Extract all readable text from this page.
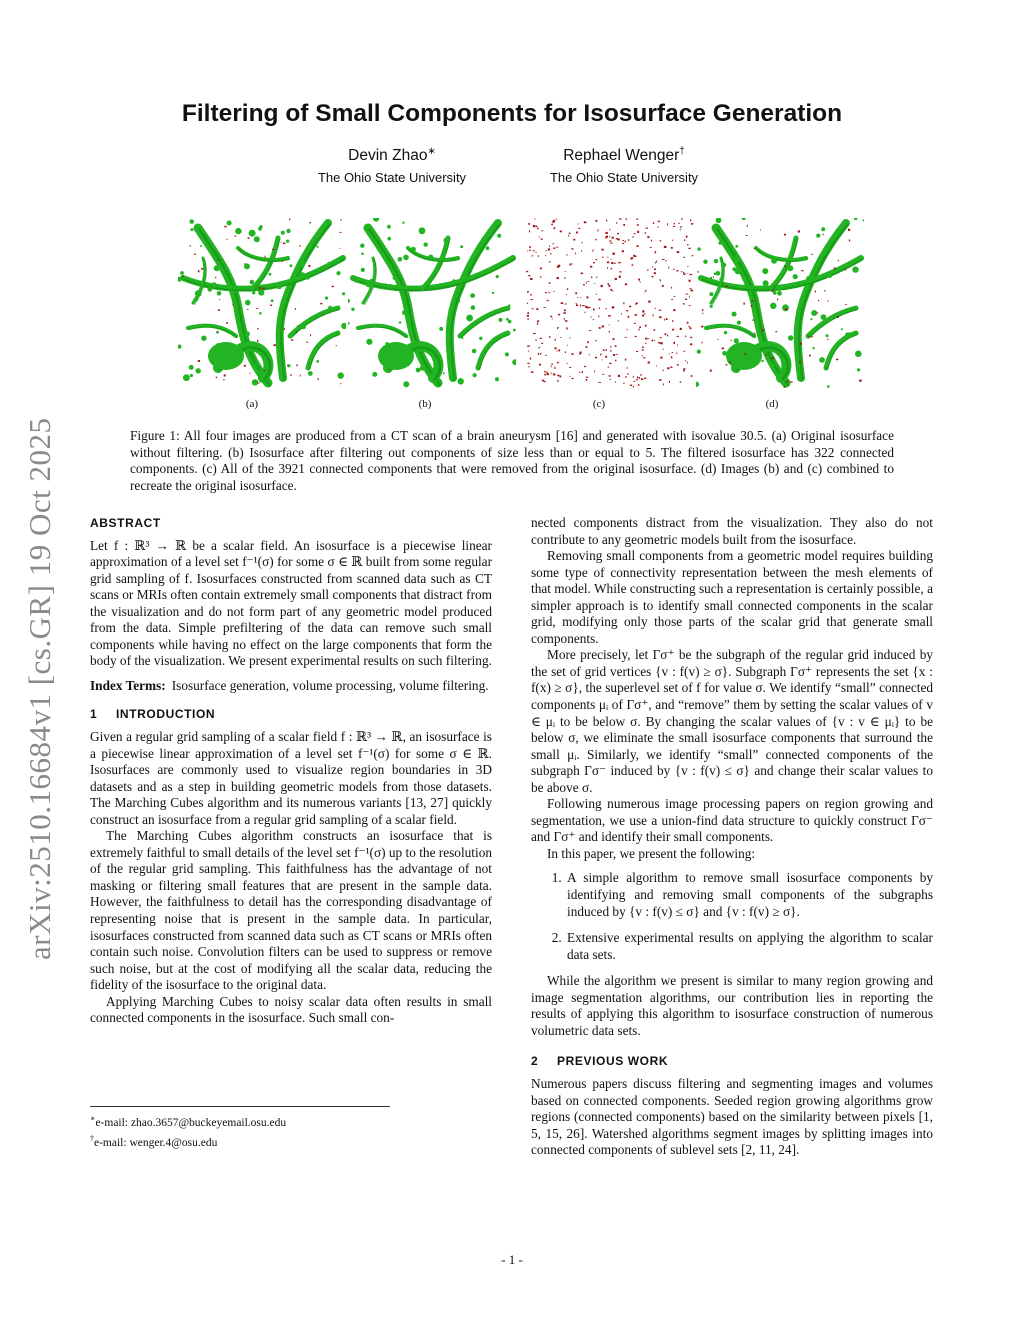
arXiv:2510.16684v1 [cs.GR] 19 Oct 2025
Filtering of Small Components for Isosurface Generation
Devin Zhao∗
The Ohio State University
Rephael Wenger†
The Ohio State University
(a)	(b)	(c)	(d)
Figure 1: All four images are produced from a CT scan of a brain aneurysm [16] and generated with isovalue 30.5. (a) Original isosurface without filtering. (b) Isosurface after filtering out components of size less than or equal to 5. The filtered isosurface has 322 connected components. (c) All of the 3921 connected components that were removed from the original isosurface. (d) Images (b) and (c) combined to recreate the original isosurface.
ABSTRACT

Let f : ℝ³ → ℝ be a scalar field. An isosurface is a piecewise linear approximation of a level set f⁻¹(σ) for some σ ∈ ℝ built from some regular grid sampling of f. Isosurfaces constructed from scanned data such as CT scans or MRIs often contain extremely small components that distract from the visualization and do not form part of any geometric model produced from the data. Simple prefiltering of the data can remove such small components while having no effect on the large components that form the body of the visualization. We present experimental results on such filtering.

Index Terms: Isosurface generation, volume processing, volume filtering.

1 INTRODUCTION

Given a regular grid sampling of a scalar field f : ℝ³ → ℝ, an isosurface is a piecewise linear approximation of a level set f⁻¹(σ) for some σ ∈ ℝ. Isosurfaces are commonly used to visualize region boundaries in 3D datasets and as a step in building geometric models from those datasets. The Marching Cubes algorithm and its numerous variants [13, 27] quickly construct an isosurface from a regular grid sampling of a scalar field.

The Marching Cubes algorithm constructs an isosurface that is extremely faithful to small details of the level set f⁻¹(σ) up to the resolution of the regular grid sampling. This faithfulness has the advantage of not masking or filtering small features that are present in the sample data. However, the faithfulness to detail has the corresponding disadvantage of representing noise that is present in the sample data. In particular, isosurfaces constructed from scanned data such as CT scans or MRIs often contain such noise. Convolution filters can be used to suppress or remove such noise, but at the cost of modifying all the scalar data, reducing the fidelity of the isosurface to the original data.

Applying Marching Cubes to noisy scalar data often results in small connected components in the isosurface. Such small con-

∗e-mail: zhao.3657@buckeyemail.osu.edu
†e-mail: wenger.4@osu.edu

nected components distract from the visualization. They also do not contribute to any geometric models built from the isosurface.

Removing small components from a geometric model requires building some type of connectivity representation between the mesh elements of that model. While constructing such a representation is certainly possible, a simpler approach is to identify small connected components in the scalar grid, modifying only those parts of the scalar grid that generate small components.

More precisely, let Γσ⁺ be the subgraph of the regular grid induced by the set of grid vertices {v : f(v) ≥ σ}. Subgraph Γσ⁺ represents the set {x : f(x) ≥ σ}, the superlevel set of f for value σ. We identify “small” connected components μᵢ of Γσ⁺, and “remove” them by setting the scalar values of v ∈ μᵢ to be below σ. By changing the scalar values of {v : v ∈ μᵢ} to be below σ, we eliminate the small isosurface components that surround the small μᵢ. Similarly, we identify “small” connected components of the subgraph Γσ⁻ induced by {v : f(v) ≤ σ} and change their scalar values to be above σ.

Following numerous image processing papers on region growing and segmentation, we use a union-find data structure to quickly construct Γσ⁻ and Γσ⁺ and identify their small components.

In this paper, we present the following:

1. A simple algorithm to remove small isosurface components by identifying and removing small components of the subgraphs induced by {v : f(v) ≤ σ} and {v : f(v) ≥ σ}.
2. Extensive experimental results on applying the algorithm to scalar data sets.

While the algorithm we present is similar to many region growing and image segmentation algorithms, our contribution lies in reporting the results of applying this algorithm to isosurface construction of numerous volumetric data sets.

2 PREVIOUS WORK

Numerous papers discuss filtering and segmenting images and volumes based on connected components. Seeded region growing algorithms grow regions (connected components) based on the similarity between pixels [1, 5, 15, 26]. Watershed algorithms segment images by splitting images into connected components of sublevel sets [2, 11, 24].

- 1 -
